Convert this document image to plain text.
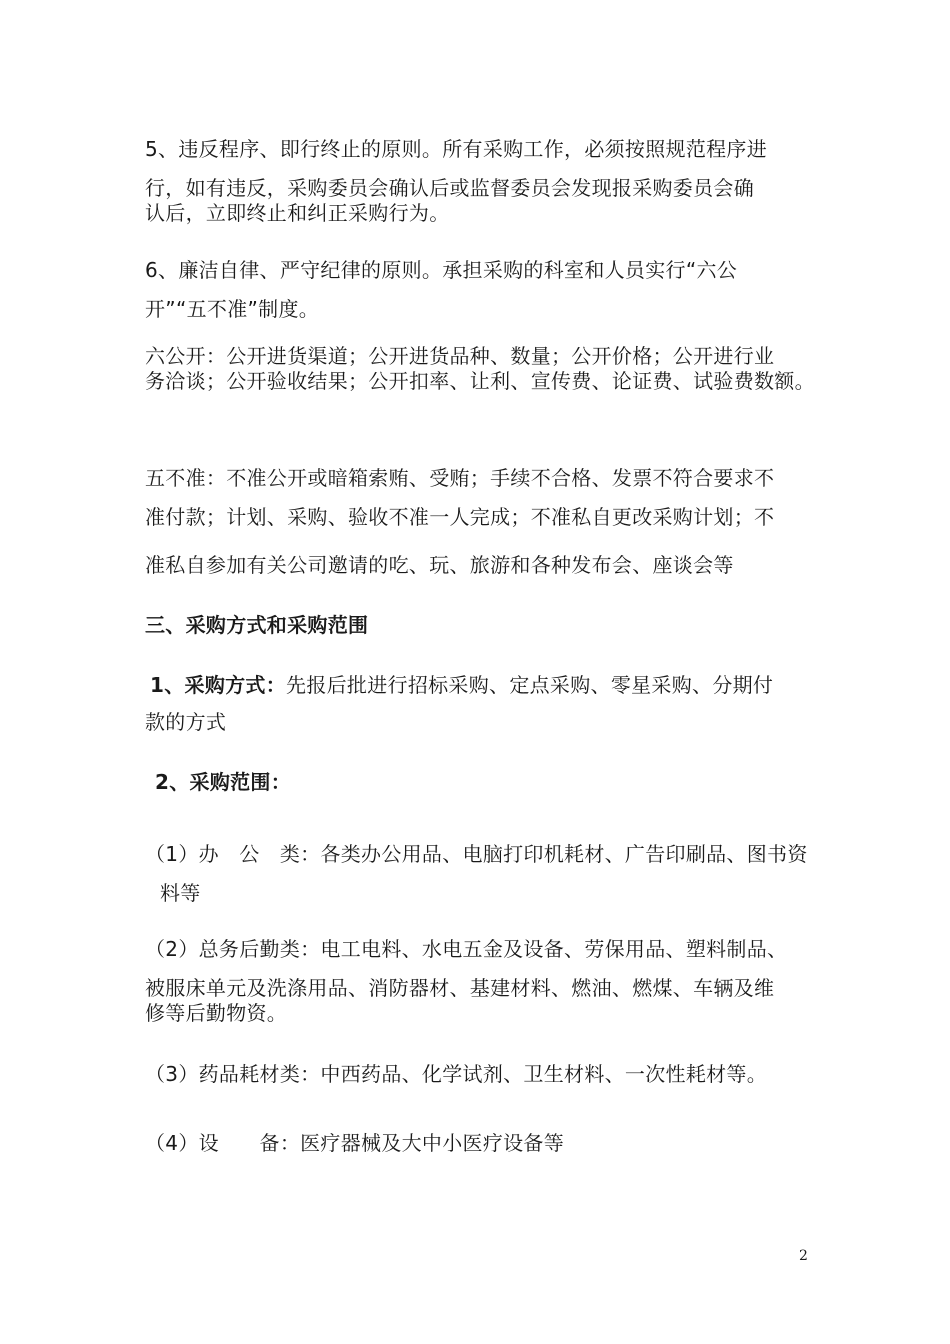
5、违反程序、即行终止的原则。所有采购工作，必须按照规范程序进
行，如有违反，采购委员会确认后或监督委员会发现报采购委员会确
认后，立即终止和纠正采购行为。
6、廉洁自律、严守纪律的原则。承担采购的科室和人员实行“六公
开”“五不准”制度。
六公开：公开进货渠道；公开进货品种、数量；公开价格；公开进行业
务洽谈；公开验收结果；公开扣率、让利、宣传费、论证费、试验费数额。
五不准：不准公开或暗箱索贿、受贿；手续不合格、发票不符合要求不
准付款；计划、采购、验收不准一人完成；不准私自更改采购计划；不
准私自参加有关公司邀请的吃、玩、旅游和各种发布会、座谈会等
三、采购方式和采购范围
1、采购方式：先报后批进行招标采购、定点采购、零星采购、分期付
款的方式
2、采购范围：
（1）办　公　类：各类办公用品、电脑打印机耗材、广告印刷品、图书资
料等
（2）总务后勤类：电工电料、水电五金及设备、劳保用品、塑料制品、
被服床单元及洗涤用品、消防器材、基建材料、燃油、燃煤、车辆及维
修等后勤物资。
（3）药品耗材类：中西药品、化学试剂、卫生材料、一次性耗材等。
（4）设　　备：医疗器械及大中小医疗设备等
2
